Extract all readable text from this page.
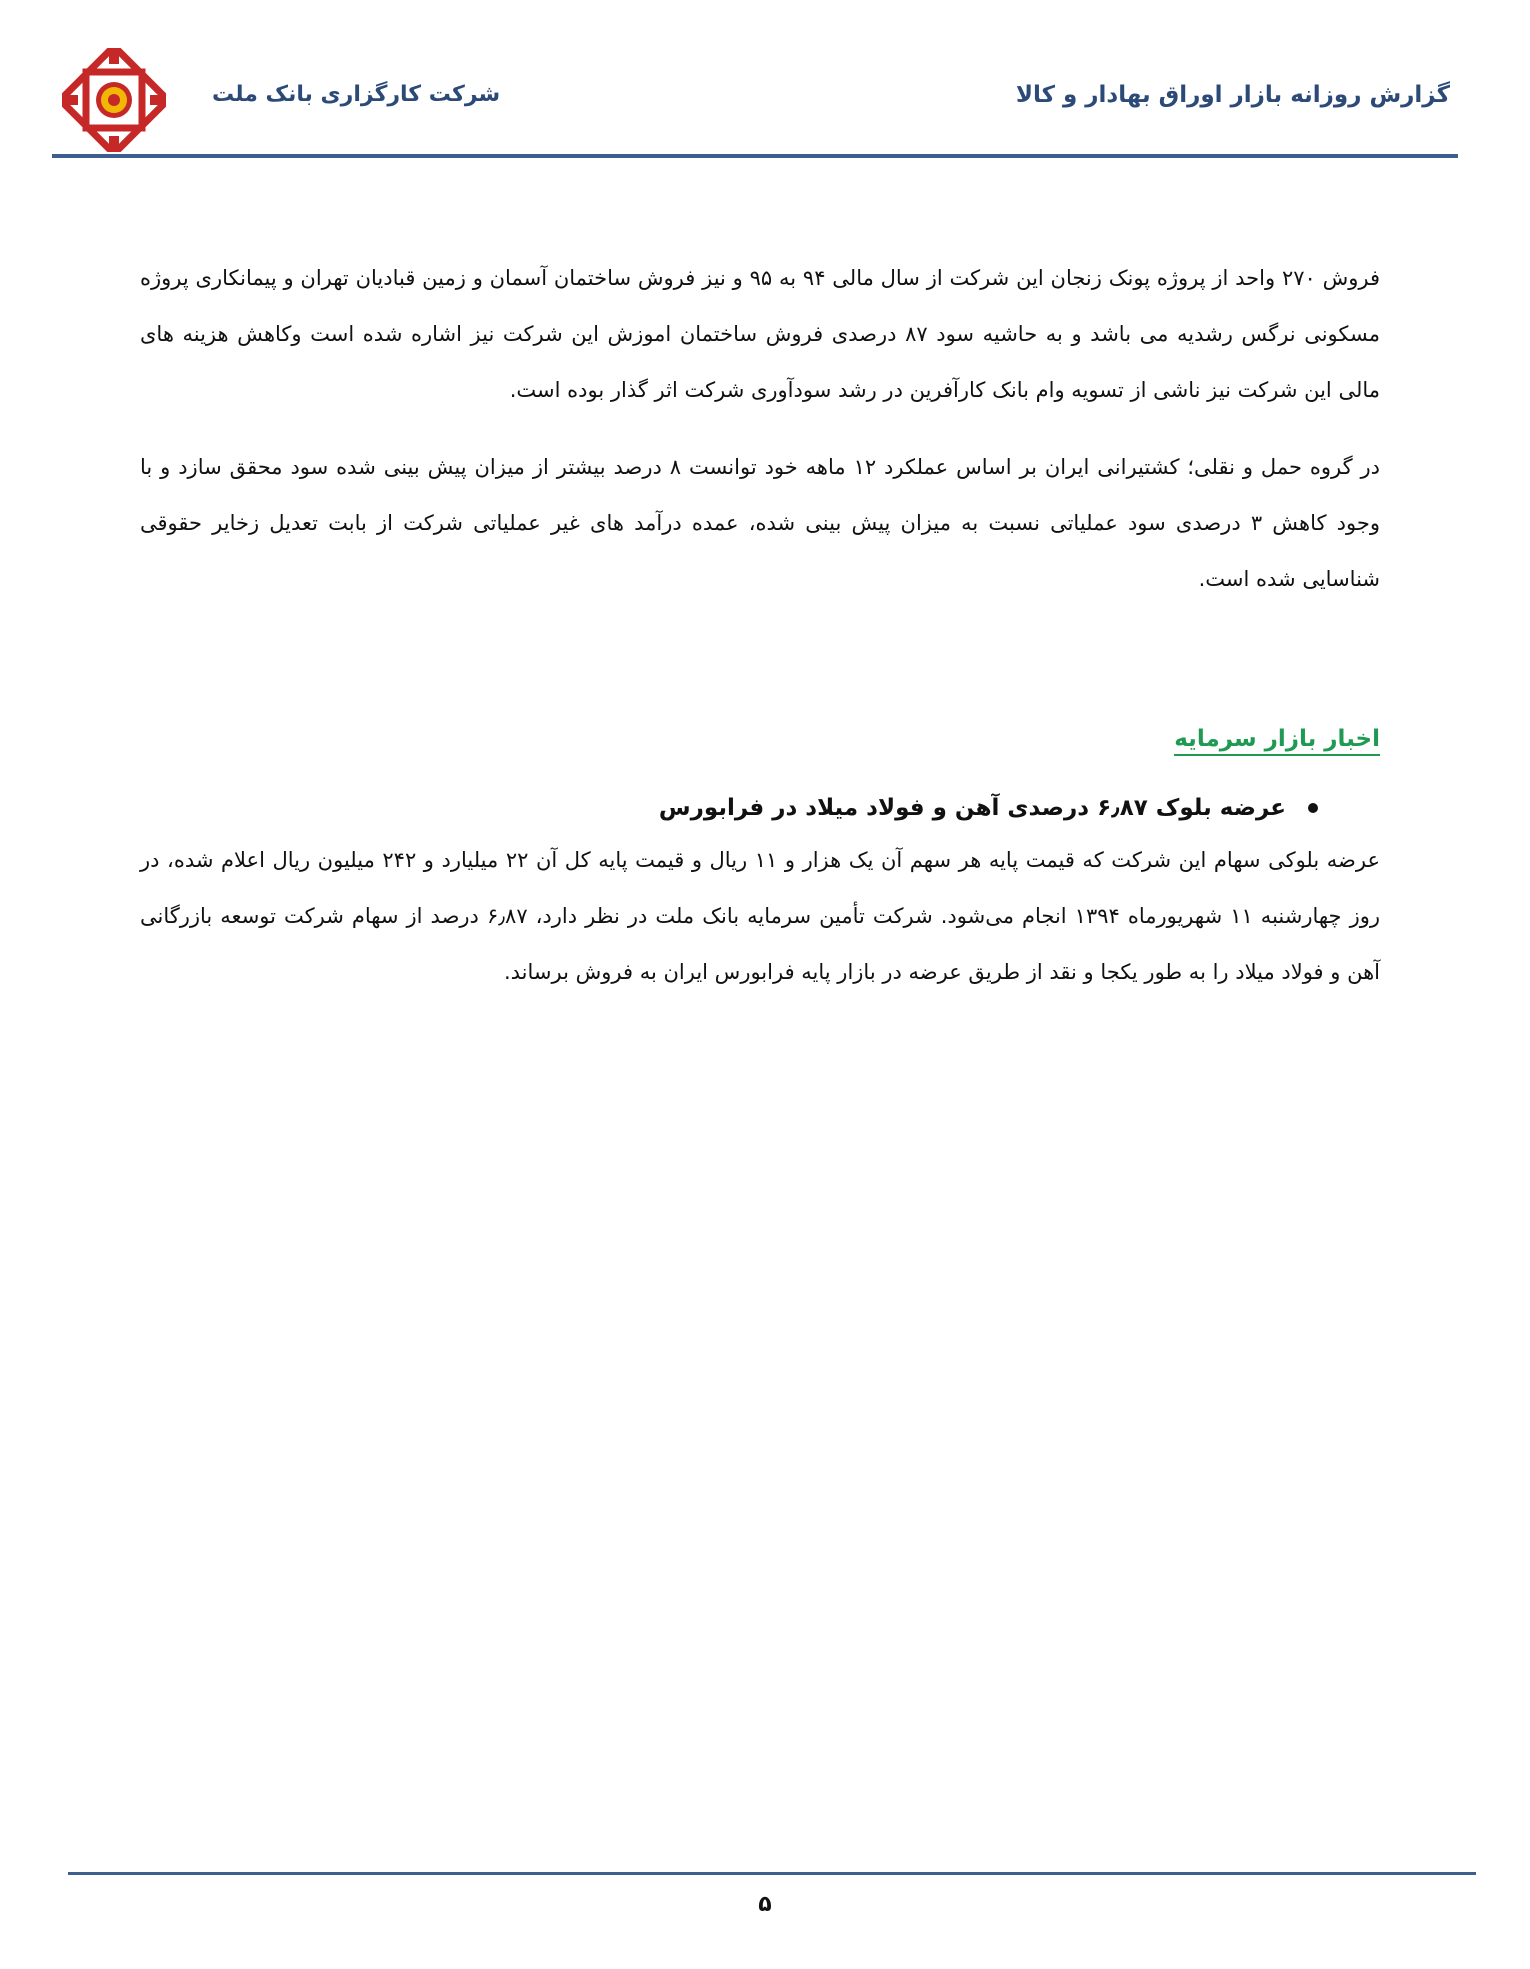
شرکت کارگزاری بانک ملت	گزارش روزانه بازار اوراق بهادار و کالا

فروش ۲۷۰ واحد از پروژه پونک زنجان این شرکت از سال مالی ۹۴ به ۹۵ و نیز فروش ساختمان آسمان و زمین قبادیان تهران و پیمانکاری پروژه مسکونی نرگس رشدیه می باشد و به حاشیه سود ۸۷ درصدی فروش ساختمان اموزش این شرکت نیز اشاره شده است وکاهش هزینه های مالی این شرکت نیز ناشی از تسویه وام بانک کارآفرین در رشد سودآوری شرکت اثر گذار بوده است.

در گروه حمل و نقلی؛ کشتیرانی ایران بر اساس عملکرد ۱۲ ماهه خود توانست ۸ درصد بیشتر از میزان پیش بینی شده سود محقق سازد و با وجود کاهش ۳ درصدی سود عملیاتی نسبت به میزان پیش بینی شده، عمده درآمد های غیر عملیاتی شرکت از بابت تعدیل زخایر حقوقی شناسایی شده است.

اخبار بازار سرمایه
عرضه بلوک ۶٫۸۷ درصدی آهن و فولاد میلاد در فرابورس

عرضه بلوکی سهام این شرکت که قیمت پایه هر سهم آن یک هزار و ۱۱ ریال و قیمت پایه کل آن ۲۲ میلیارد و ۲۴۲ میلیون ریال اعلام شده، در روز چهارشنبه ۱۱ شهریورماه ۱۳۹۴ انجام می‌شود. شرکت تأمین سرمایه بانک ملت در نظر دارد، ۶٫۸۷ درصد از سهام شرکت توسعه بازرگانی آهن و فولاد میلاد را به طور یکجا و نقد از طریق عرضه در بازار پایه فرابورس ایران به فروش برساند.

۵
